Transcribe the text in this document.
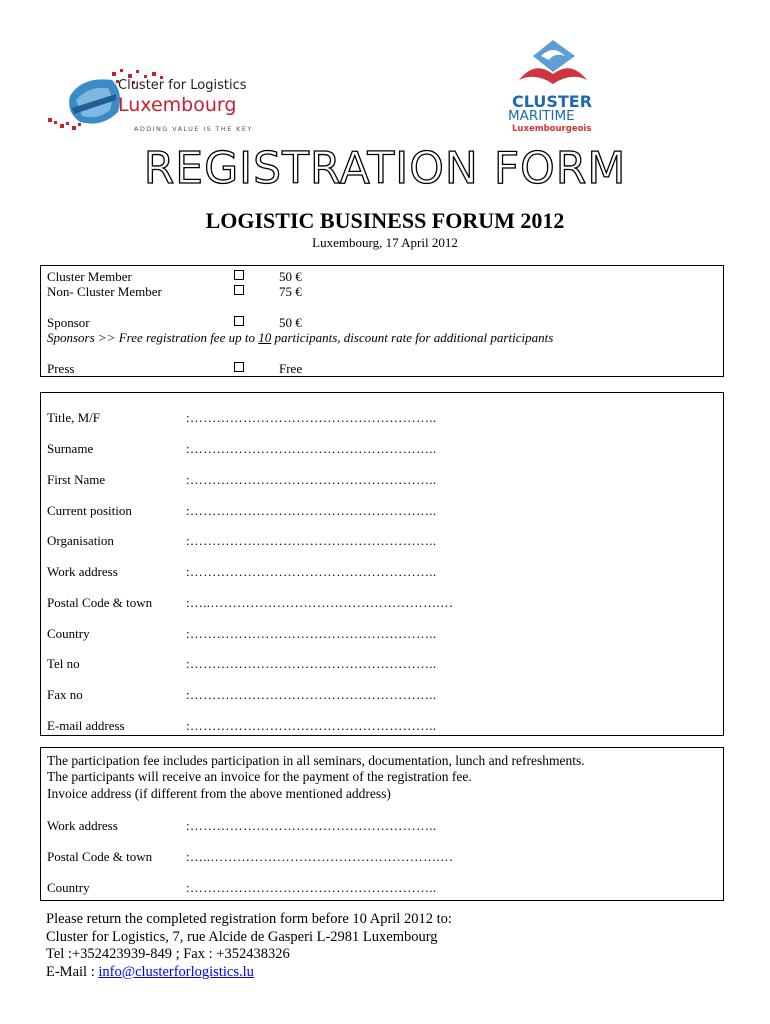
Cluster for Logistics
Luxembourg
ADDING VALUE IS THE KEY
CLUSTER
MARITIME
Luxembourgeois
REGISTRATION FORM
LOGISTIC BUSINESS FORUM 2012
Luxembourg, 17 April 2012
Cluster Member	50 €
Non- Cluster Member	75 €
Sponsor	50 €
Sponsors >> Free registration fee up to 10 participants, discount rate for additional participants
Press	Free
Title, M/F	:………………………………………………..
Surname	:………………………………………………..
First Name	:………………………………………………..
Current position	:………………………………………………..
Organisation	:………………………………………………..
Work address	:………………………………………………..
Postal Code & town	:…..…………………………………………….…
Country	:………………………………………………..
Tel no	:………………………………………………..
Fax no	:………………………………………………..
E-mail address	:………………………………………………..
The participation fee includes participation in all seminars, documentation, lunch and refreshments.
The participants will receive an invoice for the payment of the registration fee.
Invoice address (if different from the above mentioned address)
Work address	:………………………………………………..
Postal Code & town	:…..…………………………………………….…
Country	:………………………………………………..
Please return the completed registration form before 10 April 2012 to:
Cluster for Logistics, 7, rue Alcide de Gasperi L-2981 Luxembourg
Tel :+352423939-849 ; Fax : +352438326
E-Mail : info@clusterforlogistics.lu
